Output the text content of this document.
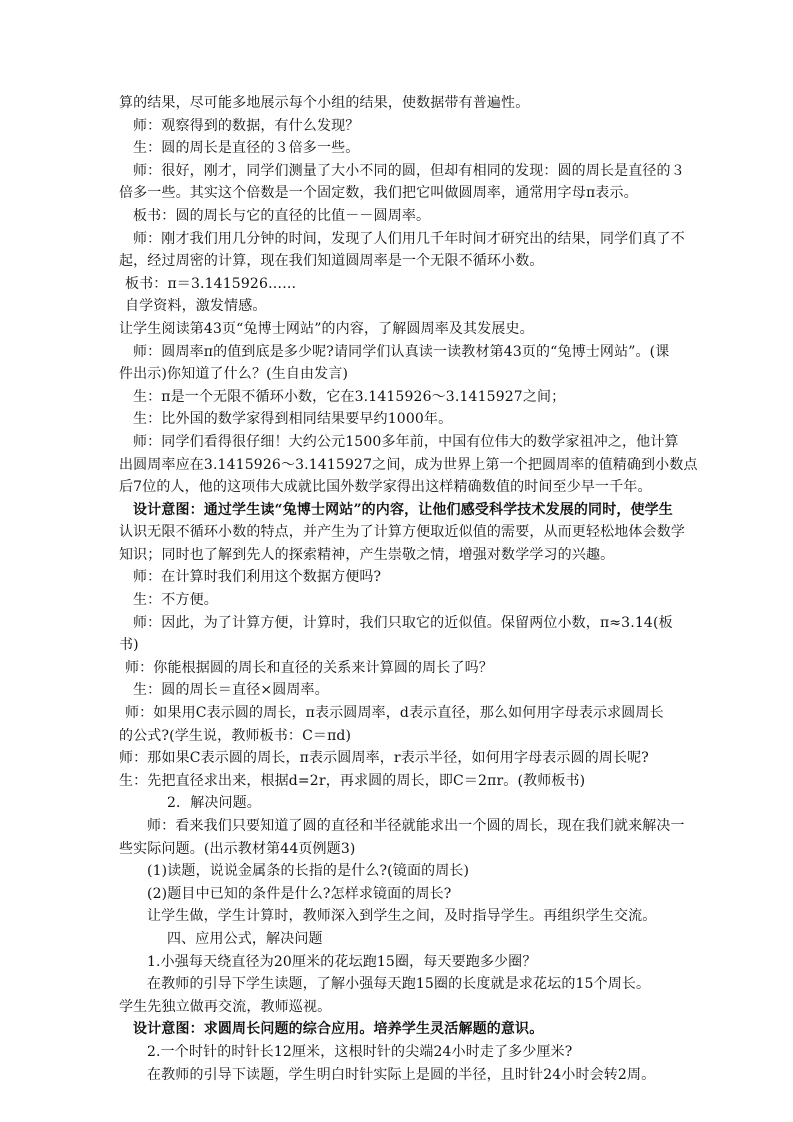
算的结果，尽可能多地展示每个小组的结果，使数据带有普遍性。
师：观察得到的数据，有什么发现？
生：圆的周长是直径的３倍多一些。
师：很好，刚才，同学们测量了大小不同的圆，但却有相同的发现：圆的周长是直径的３
倍多一些。其实这个倍数是一个固定数，我们把它叫做圆周率，通常用字母π表示。
板书：圆的周长与它的直径的比值－－圆周率。
师：刚才我们用几分钟的时间，发现了人们用几千年时间才研究出的结果，同学们真了不
起，经过周密的计算，现在我们知道圆周率是一个无限不循环小数。
板书：π＝3.1415926……
自学资料，激发情感。
让学生阅读第43页“兔博士网站”的内容，了解圆周率及其发展史。
师：圆周率π的值到底是多少呢?请同学们认真读一读教材第43页的“兔博士网站”。(课
件出示)你知道了什么？(生自由发言)
生：π是一个无限不循环小数，它在3.1415926～3.1415927之间；
生：比外国的数学家得到相同结果要早约1000年。
师：同学们看得很仔细！大约公元1500多年前，中国有位伟大的数学家祖冲之，他计算
出圆周率应在3.1415926～3.1415927之间，成为世界上第一个把圆周率的值精确到小数点
后7位的人，他的这项伟大成就比国外数学家得出这样精确数值的时间至少早一千年。
设计意图：通过学生读“兔博士网站”的内容，让他们感受科学技术发展的同时，使学生
认识无限不循环小数的特点，并产生为了计算方便取近似值的需要，从而更轻松地体会数学
知识；同时也了解到先人的探索精神，产生崇敬之情，增强对数学学习的兴趣。
师：在计算时我们利用这个数据方便吗?
生：不方便。
师：因此，为了计算方便，计算时，我们只取它的近似值。保留两位小数，π≈3.14(板
书)
师：你能根据圆的周长和直径的关系来计算圆的周长了吗？
生：圆的周长＝直径×圆周率。
师：如果用C表示圆的周长，π表示圆周率，d表示直径，那么如何用字母表示求圆周长
的公式?(学生说，教师板书：C＝πd)
师：那如果C表示圆的周长，π表示圆周率，r表示半径，如何用字母表示圆的周长呢?
生：先把直径求出来，根据d=2r，再求圆的周长，即C＝2πr。(教师板书)
2．解决问题。
师：看来我们只要知道了圆的直径和半径就能求出一个圆的周长，现在我们就来解决一
些实际问题。(出示教材第44页例题3)
(1)读题，说说金属条的长指的是什么?(镜面的周长)
(2)题目中已知的条件是什么?怎样求镜面的周长?
让学生做，学生计算时，教师深入到学生之间，及时指导学生。再组织学生交流。
四、应用公式，解决问题
1.小强每天绕直径为20厘米的花坛跑15圈，每天要跑多少圈？
在教师的引导下学生读题，了解小强每天跑15圈的长度就是求花坛的15个周长。
学生先独立做再交流，教师巡视。
设计意图：求圆周长问题的综合应用。培养学生灵活解题的意识。
2.一个时针的时针长12厘米，这根时针的尖端24小时走了多少厘米?
在教师的引导下读题，学生明白时针实际上是圆的半径，且时针24小时会转2周。
